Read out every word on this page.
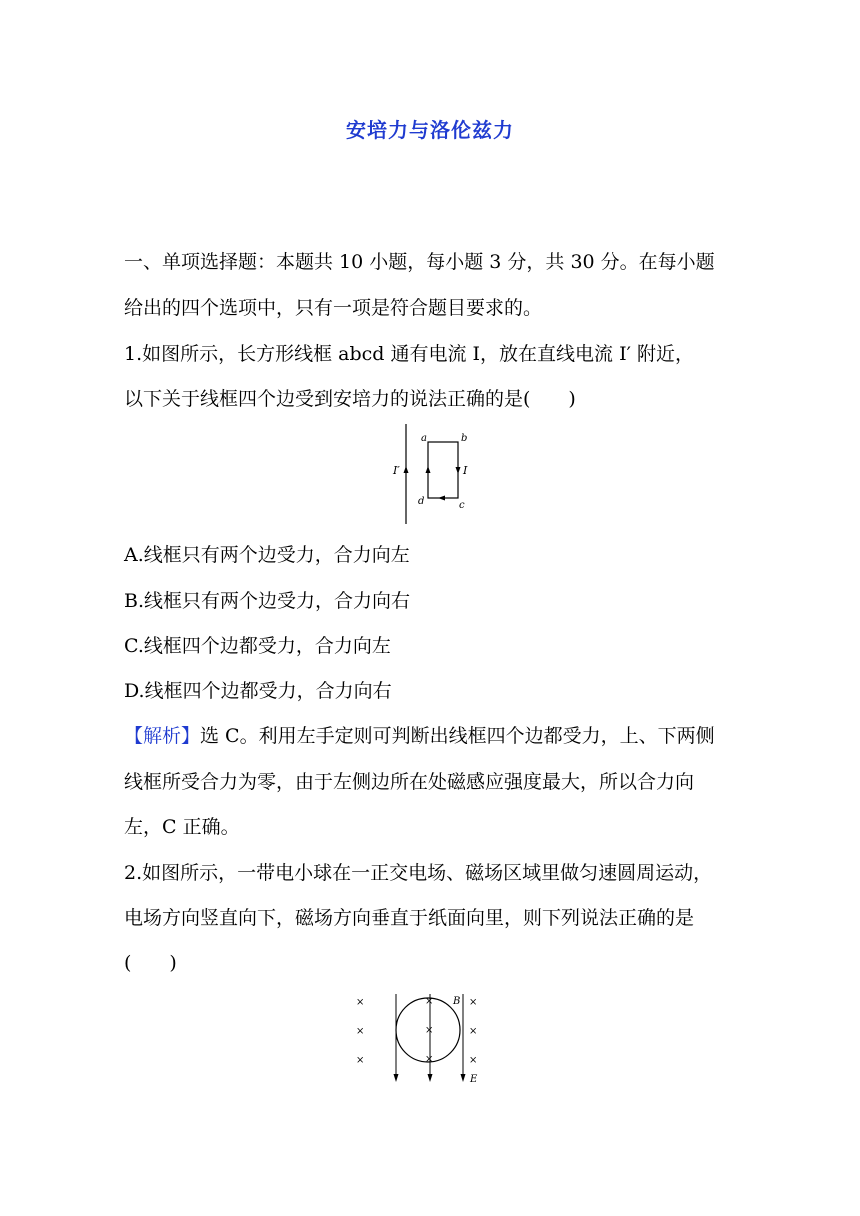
安培力与洛伦兹力
一、单项选择题：本题共 10 小题，每小题 3 分，共 30 分。在每小题
给出的四个选项中，只有一项是符合题目要求的。
1.如图所示，长方形线框 abcd 通有电流 I，放在直线电流 I′ 附近，
以下关于线框四个边受到安培力的说法正确的是(　　)
I′
a	b
c
d
I
A.线框只有两个边受力，合力向左
B.线框只有两个边受力，合力向右
C.线框四个边都受力，合力向左
D.线框四个边都受力，合力向右
【解析】选 C。利用左手定则可判断出线框四个边都受力，上、下两侧
线框所受合力为零，由于左侧边所在处磁感应强度最大，所以合力向
左，C 正确。
2.如图所示，一带电小球在一正交电场、磁场区域里做匀速圆周运动，
电场方向竖直向下，磁场方向垂直于纸面向里，则下列说法正确的是
(　　)
×
×
×
×
×
×
×
×
×
B
E
